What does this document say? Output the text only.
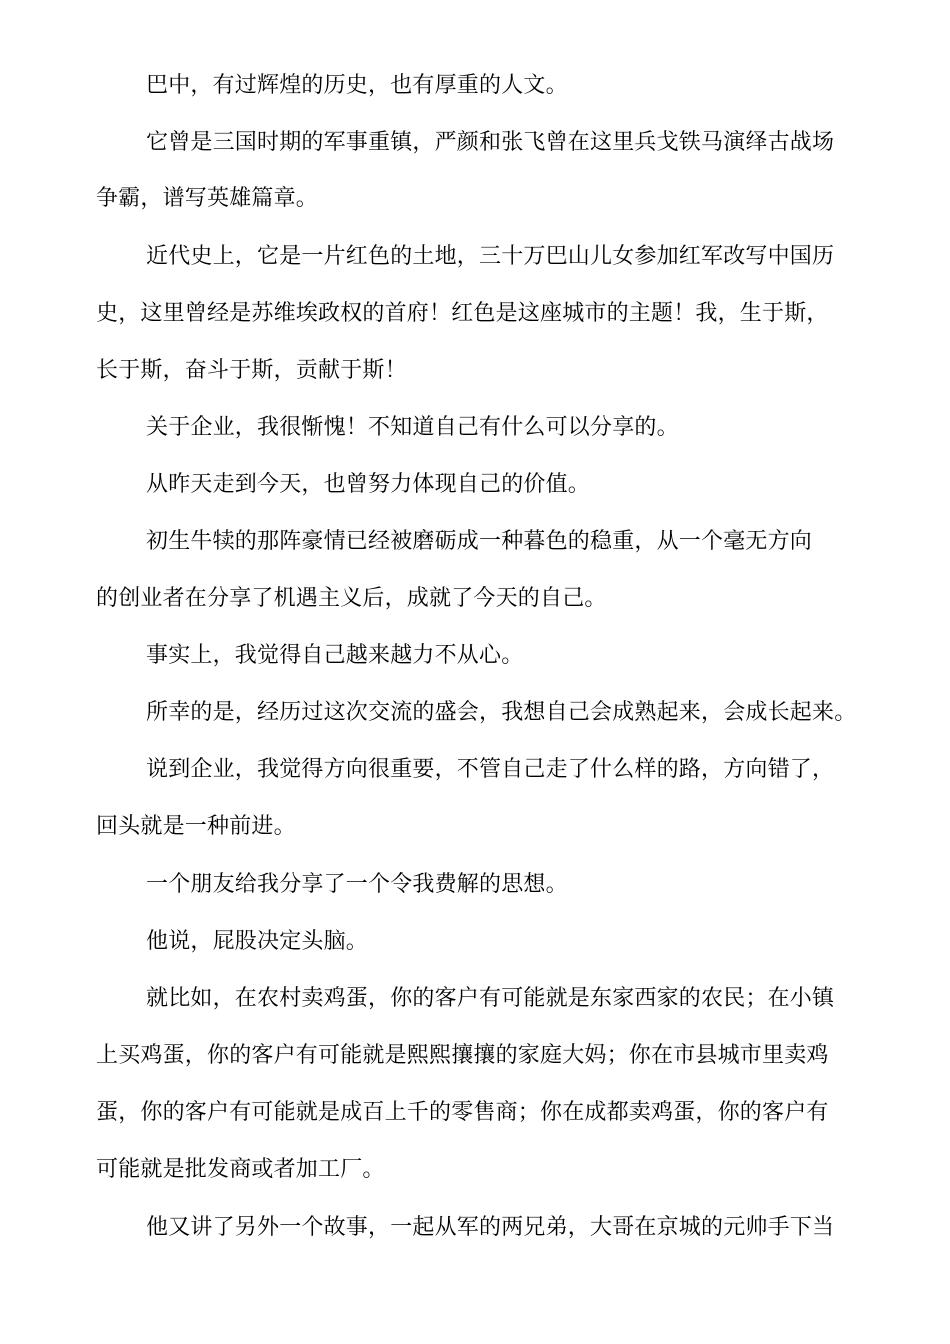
巴中，有过辉煌的历史，也有厚重的人文。
它曾是三国时期的军事重镇，严颜和张飞曾在这里兵戈铁马演绎古战场
争霸，谱写英雄篇章。
近代史上，它是一片红色的土地，三十万巴山儿女参加红军改写中国历
史，这里曾经是苏维埃政权的首府！红色是这座城市的主题！我，生于斯，
长于斯，奋斗于斯，贡献于斯！
关于企业，我很惭愧！不知道自己有什么可以分享的。
从昨天走到今天，也曾努力体现自己的价值。
初生牛犊的那阵豪情已经被磨砺成一种暮色的稳重，从一个毫无方向
的创业者在分享了机遇主义后，成就了今天的自己。
事实上，我觉得自己越来越力不从心。
所幸的是，经历过这次交流的盛会，我想自己会成熟起来，会成长起来。
说到企业，我觉得方向很重要，不管自己走了什么样的路，方向错了，
回头就是一种前进。
一个朋友给我分享了一个令我费解的思想。
他说，屁股决定头脑。
就比如，在农村卖鸡蛋，你的客户有可能就是东家西家的农民；在小镇
上买鸡蛋，你的客户有可能就是熙熙攘攘的家庭大妈；你在市县城市里卖鸡
蛋，你的客户有可能就是成百上千的零售商；你在成都卖鸡蛋，你的客户有
可能就是批发商或者加工厂。
他又讲了另外一个故事，一起从军的两兄弟，大哥在京城的元帅手下当
